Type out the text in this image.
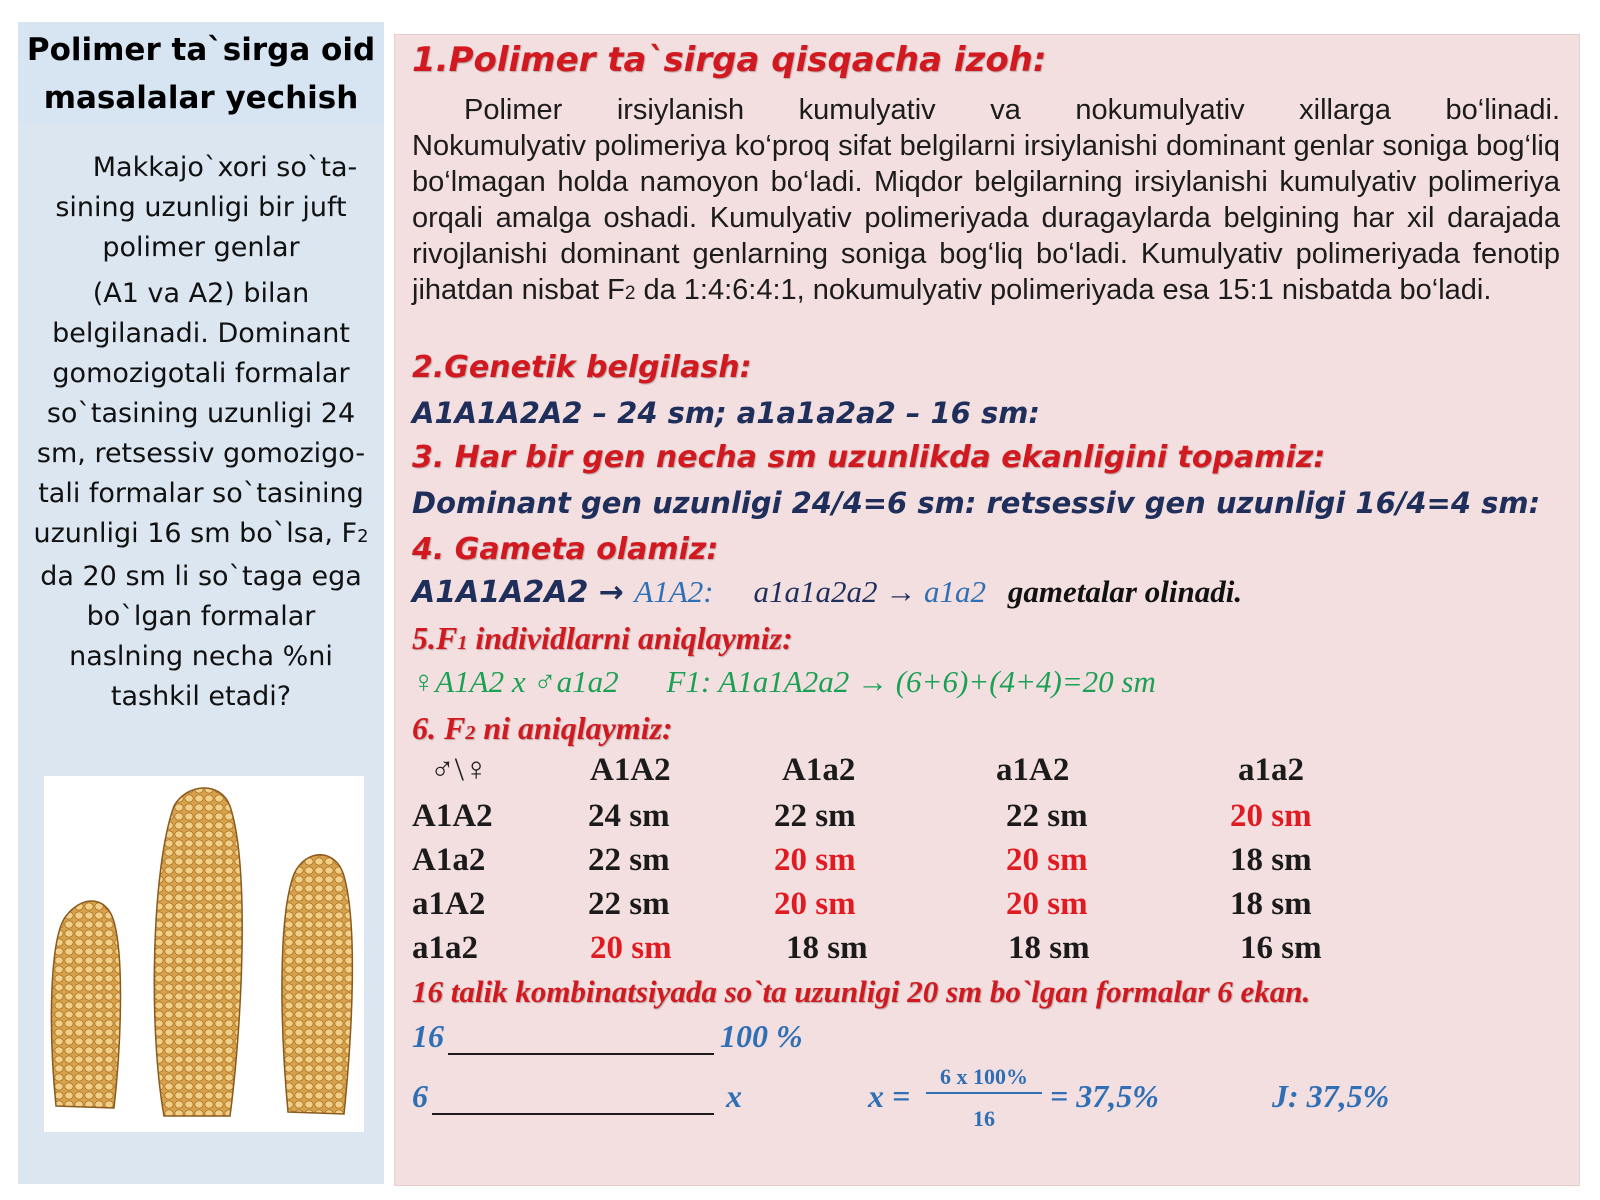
Polimer ta`sirga oid
masalalar yechish
Makkajo`xori so`ta-
sining uzunligi bir juft
polimer genlar
(A1 va A2) bilan
belgilanadi. Dominant
gomozigotali formalar
so`tasining uzunligi 24
sm, retsessiv gomozigo-
tali formalar so`tasining
uzunligi 16 sm bo`lsa, F2
da 20 sm li so`taga ega
bo`lgan formalar
naslning necha %ni
tashkil etadi?
1.Polimer ta`sirga qisqacha izoh:
Polimer irsiylanish kumulyativ va nokumulyativ xillarga bo‘linadi.
Nokumulyativ polimeriya ko‘proq sifat belgilarni irsiylanishi dominant genlar soniga bog‘liq bo‘lmagan holda namoyon bo‘ladi. Miqdor belgilarning irsiylanishi kumulyativ polimeriya orqali amalga oshadi. Kumulyativ polimeriyada duragaylarda belgining har xil darajada rivojlanishi dominant genlarning soniga bog‘liq bo‘ladi. Kumulyativ polimeriyada fenotip jihatdan nisbat F2 da 1:4:6:4:1, nokumulyativ polimeriyada esa 15:1 nisbatda bo‘ladi.
2.Genetik belgilash:
A1A1A2A2 – 24 sm; a1a1a2a2 – 16 sm:
3. Har bir gen necha sm uzunlikda ekanligini topamiz:
Dominant gen uzunligi 24/4=6 sm: retsessiv gen uzunligi 16/4=4 sm:
4. Gameta olamiz:
A1A1A2A2 → A1A2: a1a1a2a2 → a1a2 gametalar olinadi.
5.F1 individlarni aniqlaymiz:
♀A1A2 x ♂a1a2 F1: A1a1A2a2 → (6+6)+(4+4)=20 sm
6. F2 ni aniqlaymiz:
♂\♀	A1A2	A1a2	a1A2	a1a2
A1A2	24 sm	22 sm	22 sm	20 sm
A1a2	22 sm	20 sm	20 sm	18 sm
a1A2	22 sm	20 sm	20 sm	18 sm
a1a2	20 sm	18 sm	18 sm	16 sm
16 talik kombinatsiyada so`ta uzunligi 20 sm bo`lgan formalar 6 ekan.
16	100 %
6	x	x =
6 x 100%
16
= 37,5%	J: 37,5%
